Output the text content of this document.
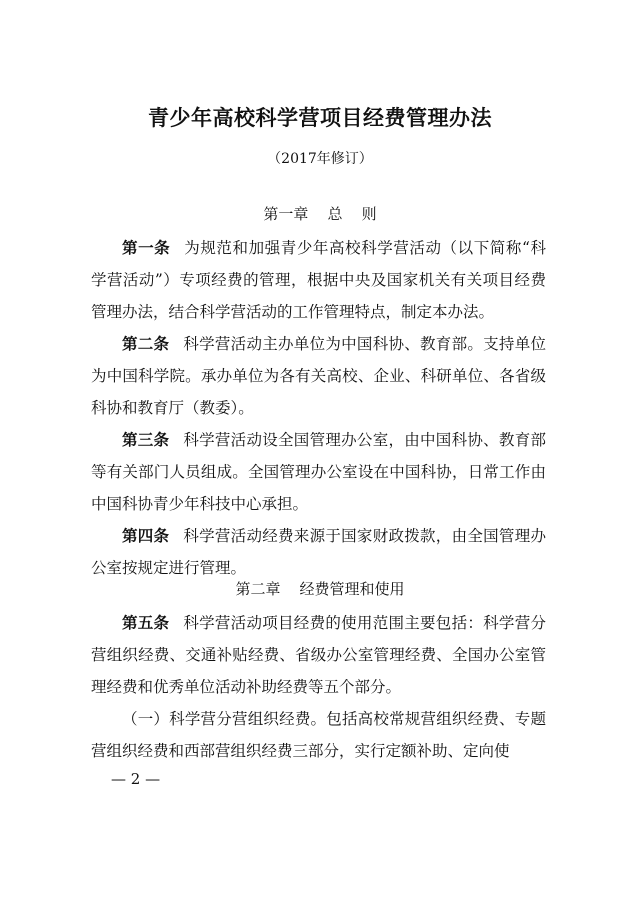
青少年高校科学营项目经费管理办法
（2017年修订）
第一章    总    则

第一条 为规范和加强青少年高校科学营活动（以下简称“科学营活动”）专项经费的管理，根据中央及国家机关有关项目经费管理办法，结合科学营活动的工作管理特点，制定本办法。

第二条 科学营活动主办单位为中国科协、教育部。支持单位为中国科学院。承办单位为各有关高校、企业、科研单位、各省级科协和教育厅（教委）。

第三条 科学营活动设全国管理办公室，由中国科协、教育部等有关部门人员组成。全国管理办公室设在中国科协，日常工作由中国科协青少年科技中心承担。

第四条 科学营活动经费来源于国家财政拨款，由全国管理办公室按规定进行管理。

第二章    经费管理和使用

第五条 科学营活动项目经费的使用范围主要包括：科学营分营组织经费、交通补贴经费、省级办公室管理经费、全国办公室管理经费和优秀单位活动补助经费等五个部分。

（一）科学营分营组织经费。包括高校常规营组织经费、专题营组织经费和西部营组织经费三部分，实行定额补助、定向使

— 2 —
